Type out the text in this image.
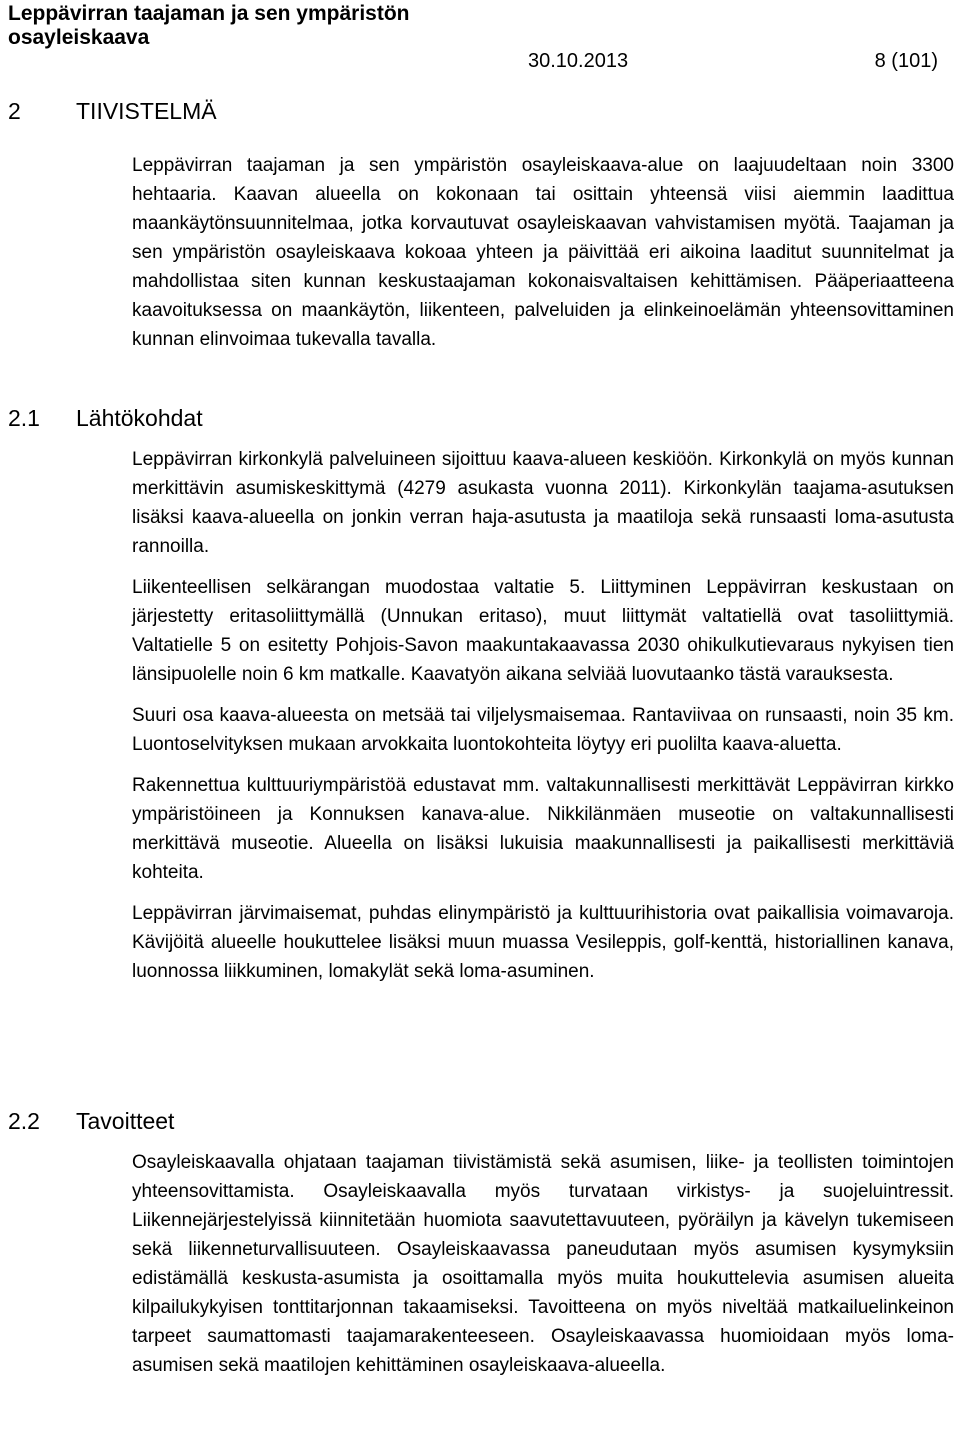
Leppävirran taajaman ja sen ympäristön osayleiskaava
30.10.2013	8 (101)
2 TIIVISTELMÄ

Leppävirran taajaman ja sen ympäristön osayleiskaava-alue on laajuudeltaan noin 3300 hehtaaria. Kaavan alueella on kokonaan tai osittain yhteensä viisi aiemmin laadittua maankäytönsuunnitelmaa, jotka korvautuvat osayleiskaavan vahvistamisen myötä. Taajaman ja sen ympäristön osayleiskaava kokoaa yhteen ja päivittää eri aikoina laaditut suunnitelmat ja mahdollistaa siten kunnan keskustaajaman kokonaisvaltaisen kehittämisen. Pääperiaatteena kaavoituksessa on maankäytön, liikenteen, palveluiden ja elinkeinoelämän yhteensovittaminen kunnan elinvoimaa tukevalla tavalla.

2.1 Lähtökohdat

Leppävirran kirkonkylä palveluineen sijoittuu kaava-alueen keskiöön. Kirkonkylä on myös kunnan merkittävin asumiskeskittymä (4279 asukasta vuonna 2011). Kirkonkylän taajama-asutuksen lisäksi kaava-alueella on jonkin verran haja-asutusta ja maatiloja sekä runsaasti loma-asutusta rannoilla.

Liikenteellisen selkärangan muodostaa valtatie 5. Liittyminen Leppävirran keskustaan on järjestetty eritasoliittymällä (Unnukan eritaso), muut liittymät valtatiellä ovat tasoliittymiä. Valtatielle 5 on esitetty Pohjois-Savon maakuntakaavassa 2030 ohikulkutievaraus nykyisen tien länsipuolelle noin 6 km matkalle. Kaavatyön aikana selviää luovutaanko tästä varauksesta.

Suuri osa kaava-alueesta on metsää tai viljelysmaisemaa. Rantaviivaa on runsaasti, noin 35 km. Luontoselvityksen mukaan arvokkaita luontokohteita löytyy eri puolilta kaava-aluetta.

Rakennettua kulttuuriympäristöä edustavat mm. valtakunnallisesti merkittävät Leppävirran kirkko ympäristöineen ja Konnuksen kanava-alue. Nikkilänmäen museotie on valtakunnallisesti merkittävä museotie. Alueella on lisäksi lukuisia maakunnallisesti ja paikallisesti merkittäviä kohteita.

Leppävirran järvimaisemat, puhdas elinympäristö ja kulttuurihistoria ovat paikallisia voimavaroja. Kävijöitä alueelle houkuttelee lisäksi muun muassa Vesileppis, golf-kenttä, historiallinen kanava, luonnossa liikkuminen, lomakylät sekä loma-asuminen.

2.2 Tavoitteet

Osayleiskaavalla ohjataan taajaman tiivistämistä sekä asumisen, liike- ja teollisten toimintojen yhteensovittamista. Osayleiskaavalla myös turvataan virkistys- ja suojeluintressit. Liikennejärjestelyissä kiinnitetään huomiota saavutettavuuteen, pyöräilyn ja kävelyn tukemiseen sekä liikenneturvallisuuteen. Osayleiskaavassa paneudutaan myös asumisen kysymyksiin edistämällä keskusta-asumista ja osoittamalla myös muita houkuttelevia asumisen alueita kilpailukykyisen tonttitarjonnan takaamiseksi. Tavoitteena on myös niveltää matkailuelinkeinon tarpeet saumattomasti taajamarakenteeseen. Osayleiskaavassa huomioidaan myös loma-asumisen sekä maatilojen kehittäminen osayleiskaava-alueella.
